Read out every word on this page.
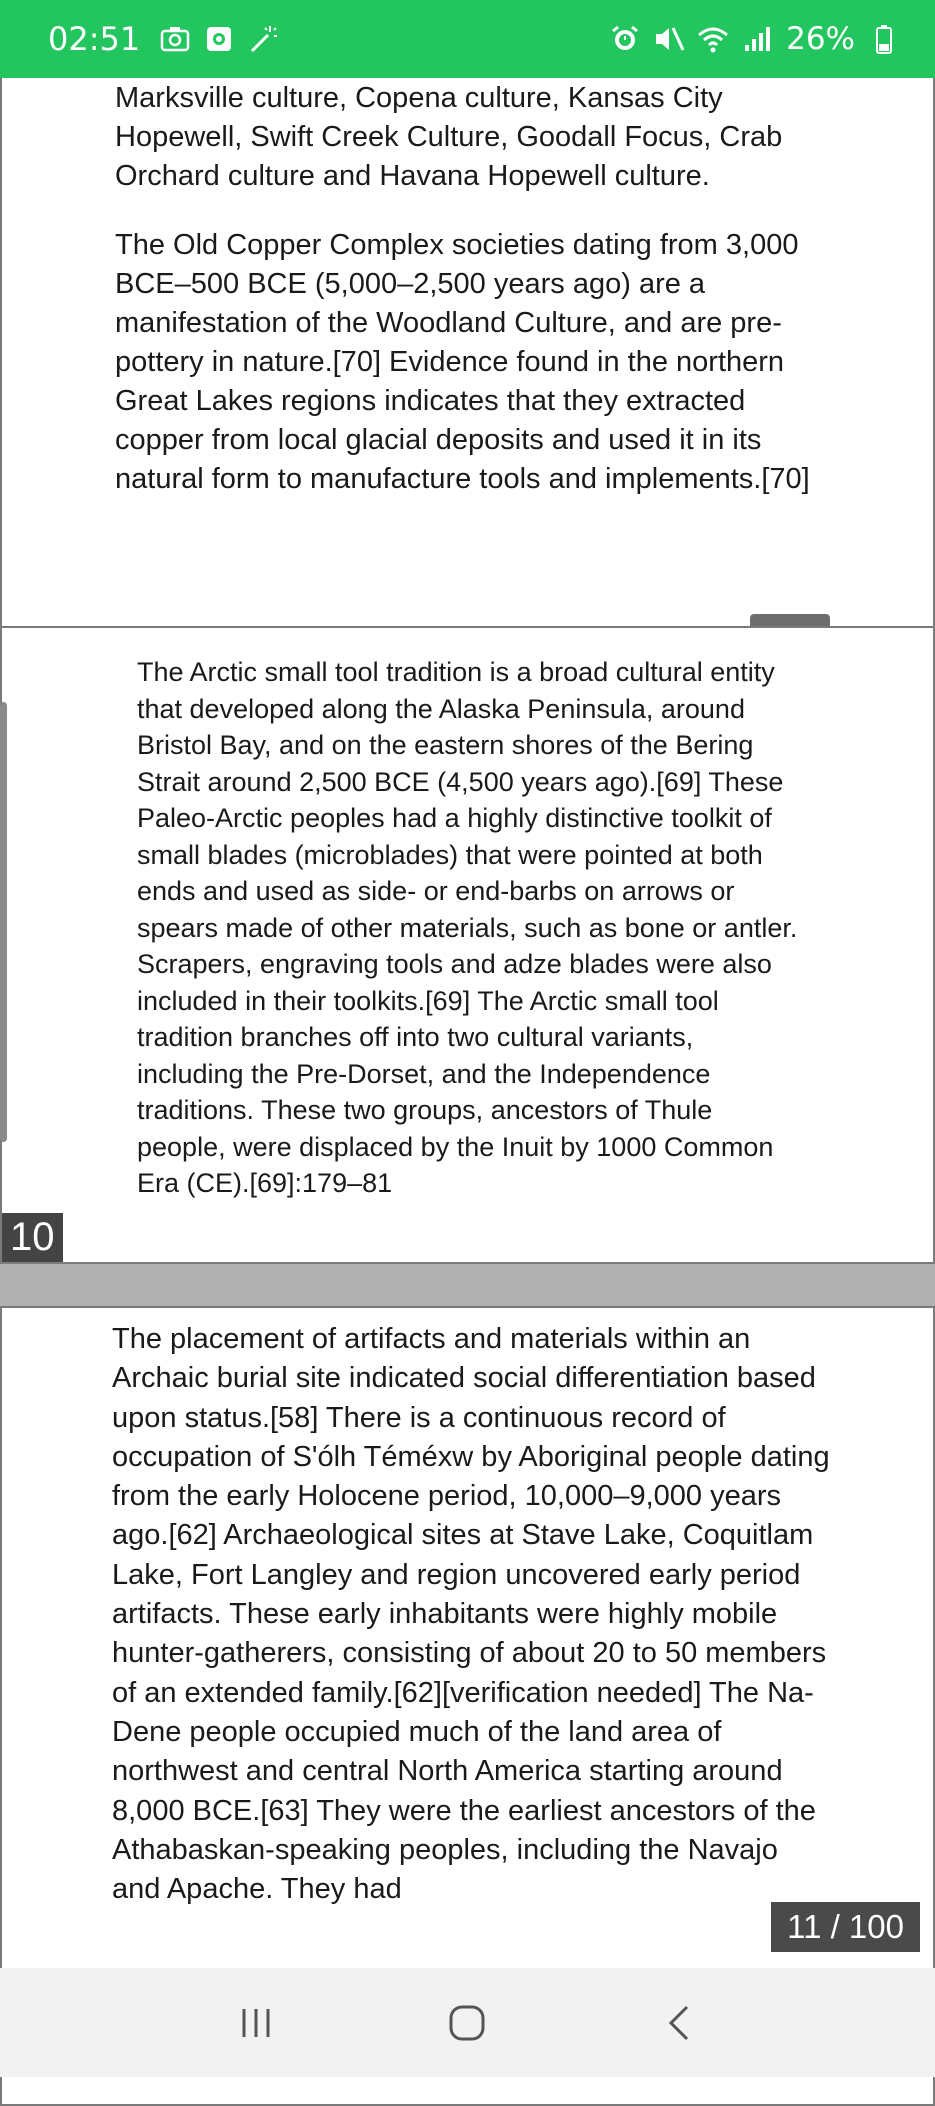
02:51	26%

Marksville culture, Copena culture, Kansas City Hopewell, Swift Creek Culture, Goodall Focus, Crab Orchard culture and Havana Hopewell culture.

The Old Copper Complex societies dating from 3,000 BCE–500 BCE (5,000–2,500 years ago) are a manifestation of the Woodland Culture, and are pre-pottery in nature.[70] Evidence found in the northern Great Lakes regions indicates that they extracted copper from local glacial deposits and used it in its natural form to manufacture tools and implements.[70]

The Arctic small tool tradition is a broad cultural entity that developed along the Alaska Peninsula, around Bristol Bay, and on the eastern shores of the Bering Strait around 2,500 BCE (4,500 years ago).[69] These Paleo-Arctic peoples had a highly distinctive toolkit of small blades (microblades) that were pointed at both ends and used as side- or end-barbs on arrows or spears made of other materials, such as bone or antler. Scrapers, engraving tools and adze blades were also included in their toolkits.[69] The Arctic small tool tradition branches off into two cultural variants, including the Pre-Dorset, and the Independence traditions. These two groups, ancestors of Thule people, were displaced by the Inuit by 1000 Common Era (CE).[69]:179–81

10

The placement of artifacts and materials within an Archaic burial site indicated social differentiation based upon status.[58] There is a continuous record of occupation of S'ólh Téméxw by Aboriginal people dating from the early Holocene period, 10,000–9,000 years ago.[62] Archaeological sites at Stave Lake, Coquitlam Lake, Fort Langley and region uncovered early period artifacts. These early inhabitants were highly mobile hunter-gatherers, consisting of about 20 to 50 members of an extended family.[62][verification needed] The Na-Dene people occupied much of the land area of northwest and central North America starting around 8,000 BCE.[63] They were the earliest ancestors of the Athabaskan-speaking peoples, including the Navajo and Apache. They had

11 / 100
